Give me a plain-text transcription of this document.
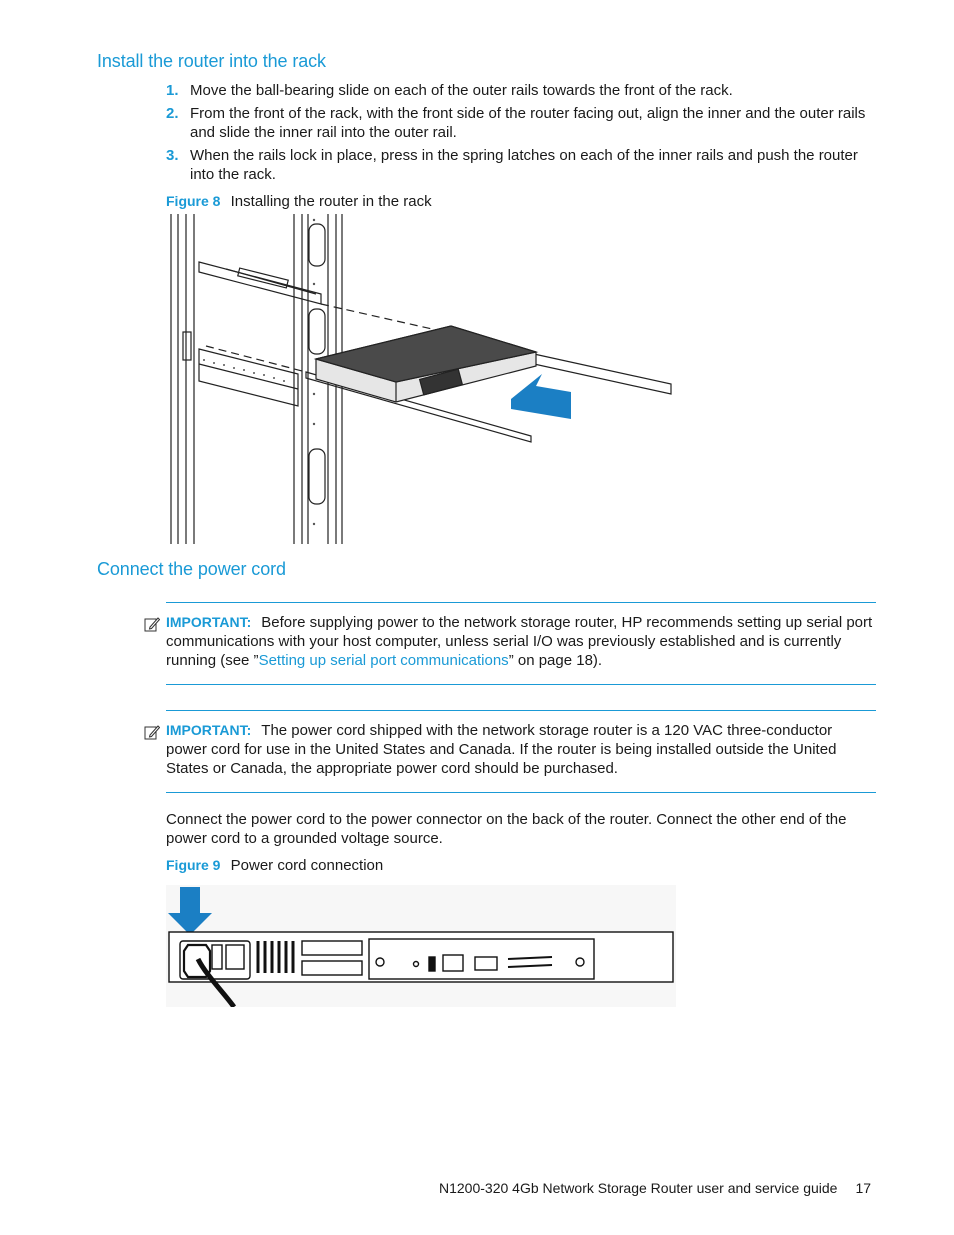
Install the router into the rack
1. Move the ball-bearing slide on each of the outer rails towards the front of the rack.
2. From the front of the rack, with the front side of the router facing out, align the inner and the outer rails and slide the inner rail into the outer rail.
3. When the rails lock in place, press in the spring latches on each of the inner rails and push the router into the rack.
Figure 8 Installing the router in the rack
Connect the power cord
IMPORTANT: Before supplying power to the network storage router, HP recommends setting up serial port communications with your host computer, unless serial I/O was previously established and is currently running (see ”Setting up serial port communications” on page 18).
IMPORTANT: The power cord shipped with the network storage router is a 120 VAC three-conductor power cord for use in the United States and Canada. If the router is being installed outside the United States or Canada, the appropriate power cord should be purchased.
Connect the power cord to the power connector on the back of the router. Connect the other end of the power cord to a grounded voltage source.
Figure 9 Power cord connection
N1200-320 4Gb Network Storage Router user and service guide 17
